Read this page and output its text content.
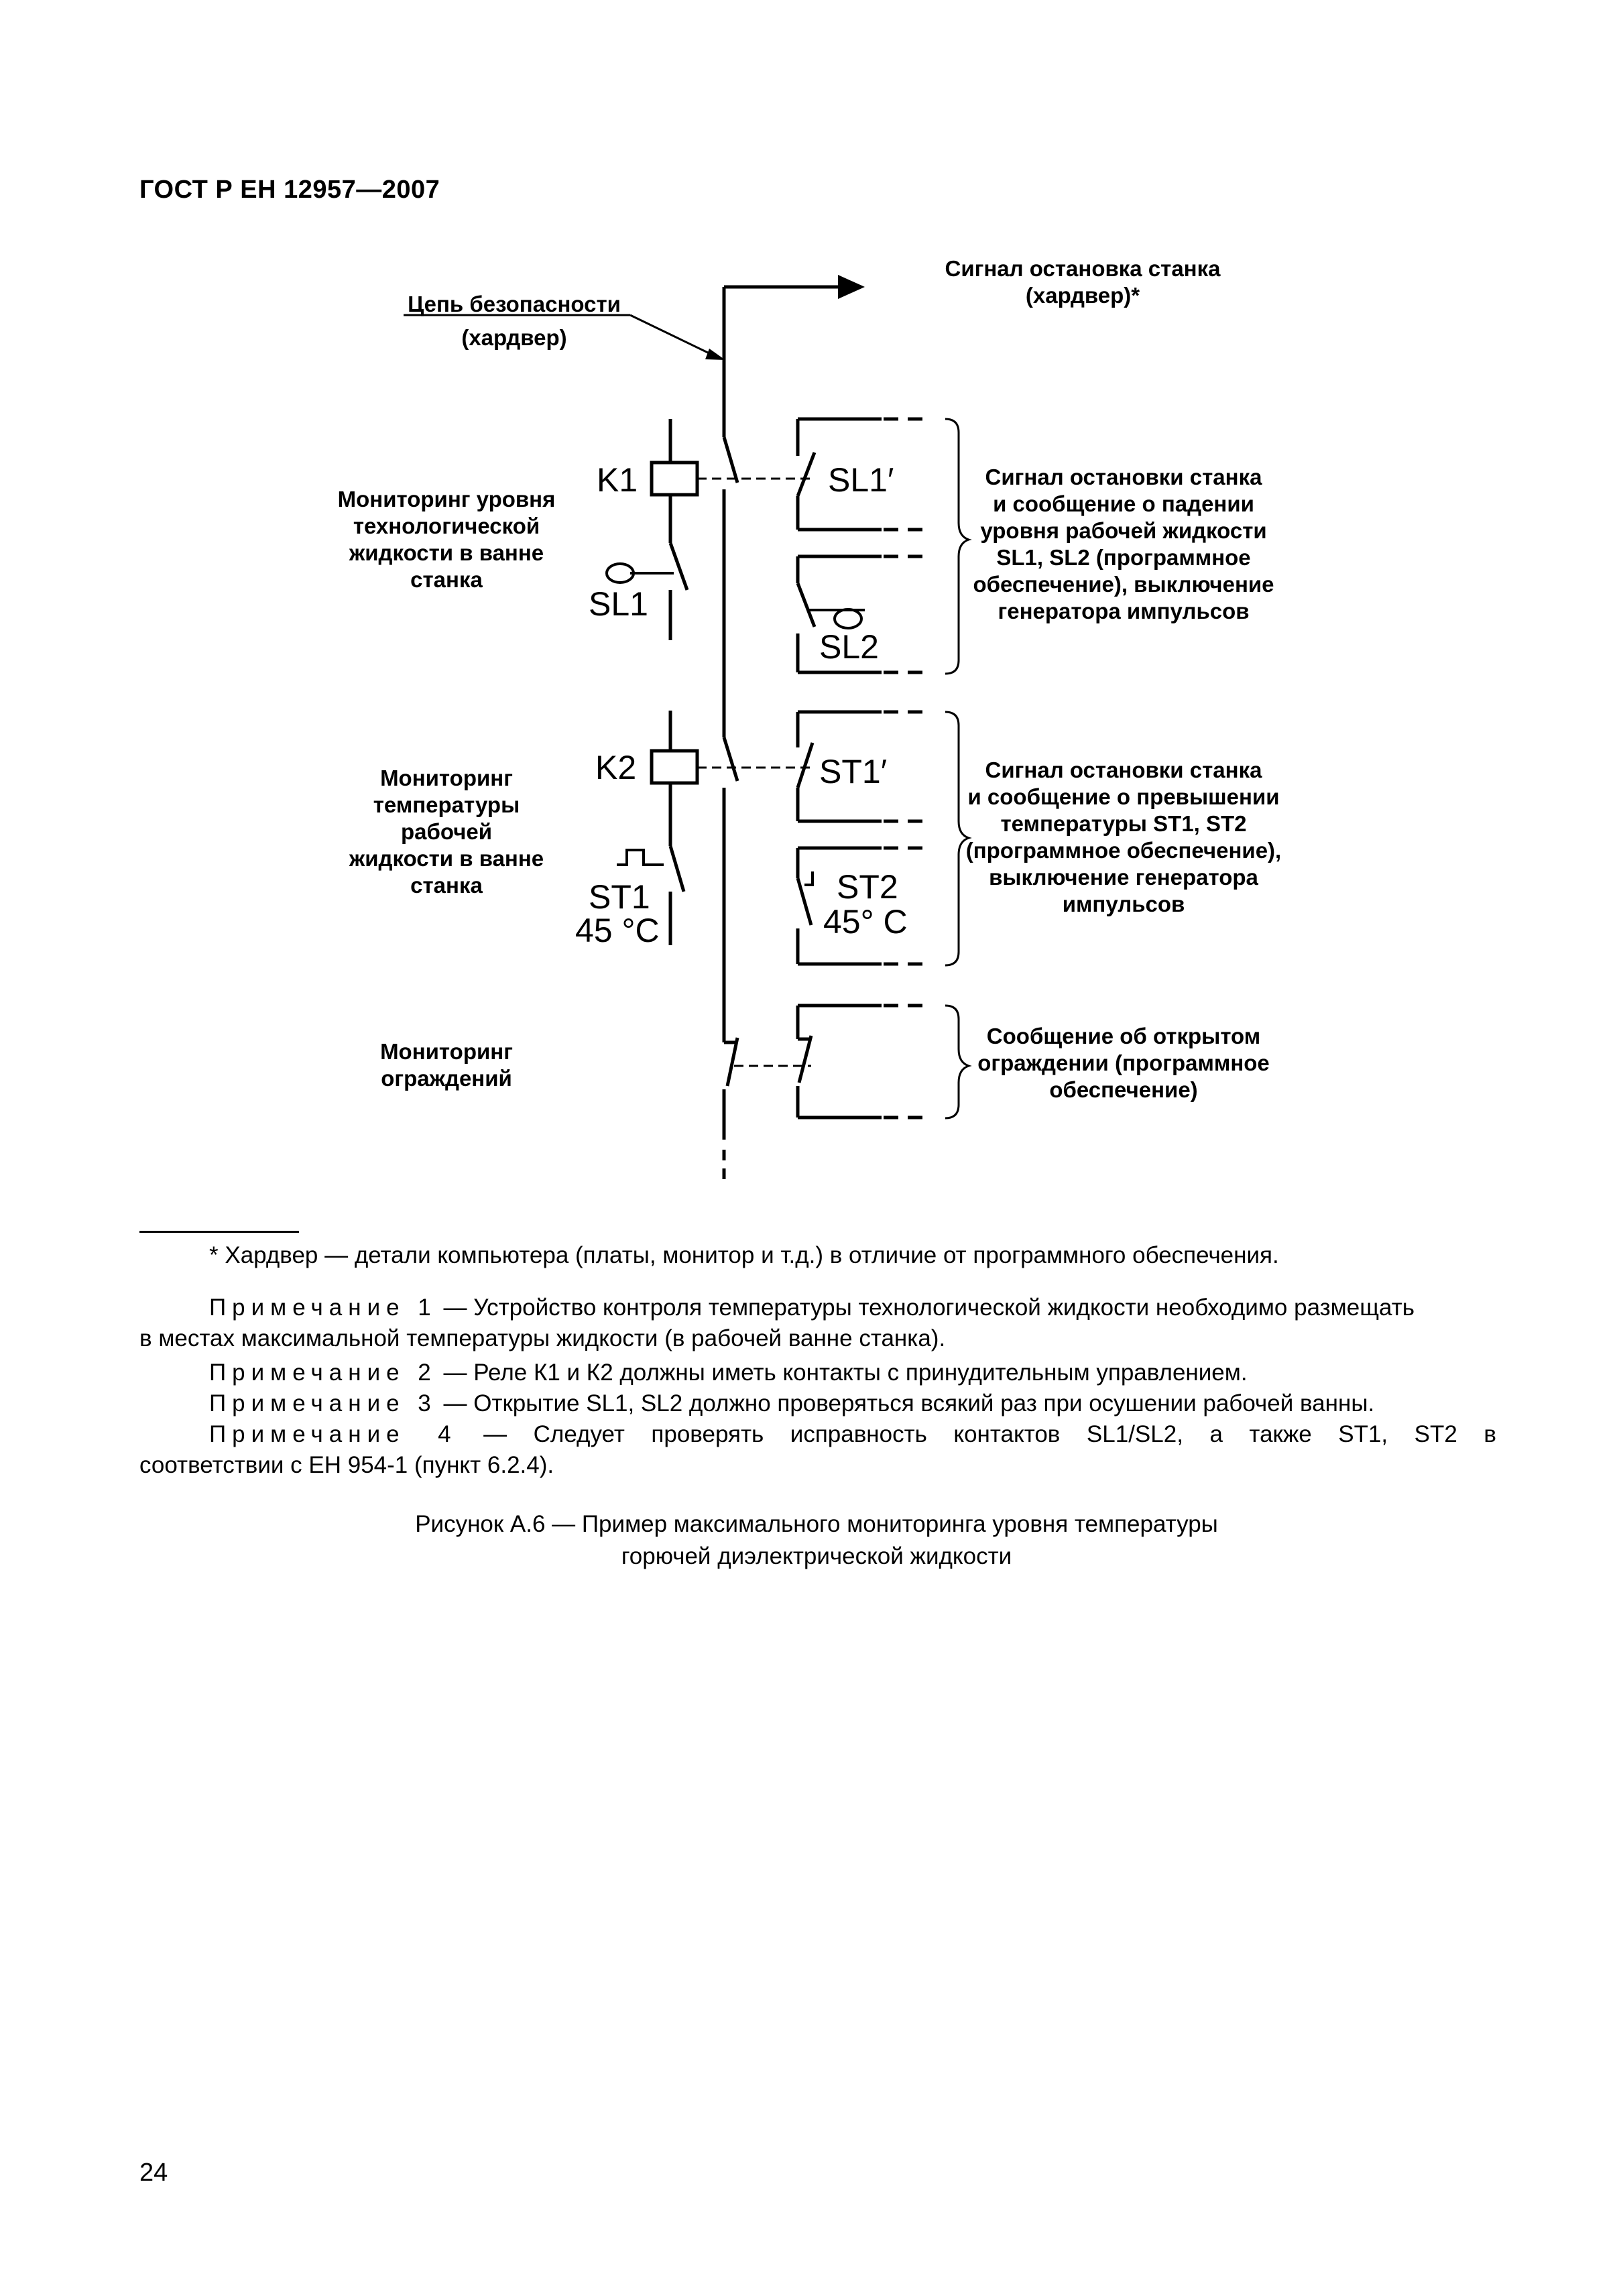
ГОСТ Р ЕН 12957—2007
Сигнал остановка станка
(хардвер)*
Цепь безопасности
(хардвер)
Мониторинг уровня
технологической
жидкости в ванне
станка
Мониторинг
температуры
рабочей
жидкости в ванне
станка
Мониторинг
ограждений
Сигнал остановки станка
и сообщение о падении
уровня рабочей жидкости
SL1, SL2 (программное
обеспечение), выключение
генератора импульсов
Сигнал остановки станка
и сообщение о превышении
температуры ST1, ST2
(программное обеспечение),
выключение генератора
импульсов
Сообщение об открытом
ограждении (программное
обеспечение)
K1
SL1
SL1′
SL2
K2	ST1′
ST1
45 °C
ST2
45° C
* Хардвер — детали компьютера (платы, монитор и т.д.) в отличие от программного обеспечения.
Примечание 1 — Устройство контроля температуры технологической жидкости необходимо размещать
в местах максимальной температуры жидкости (в рабочей ванне станка).
Примечание 2 — Реле К1 и К2 должны иметь контакты с принудительным управлением.
Примечание 3 — Открытие SL1, SL2 должно проверяться всякий раз при осушении рабочей ванны.
Примечание 4 — Следует проверять исправность контактов SL1/SL2, а также ST1, ST2 в
соответствии с ЕН 954-1 (пункт 6.2.4).
Рисунок А.6 — Пример максимального мониторинга уровня температуры
горючей диэлектрической жидкости
24
